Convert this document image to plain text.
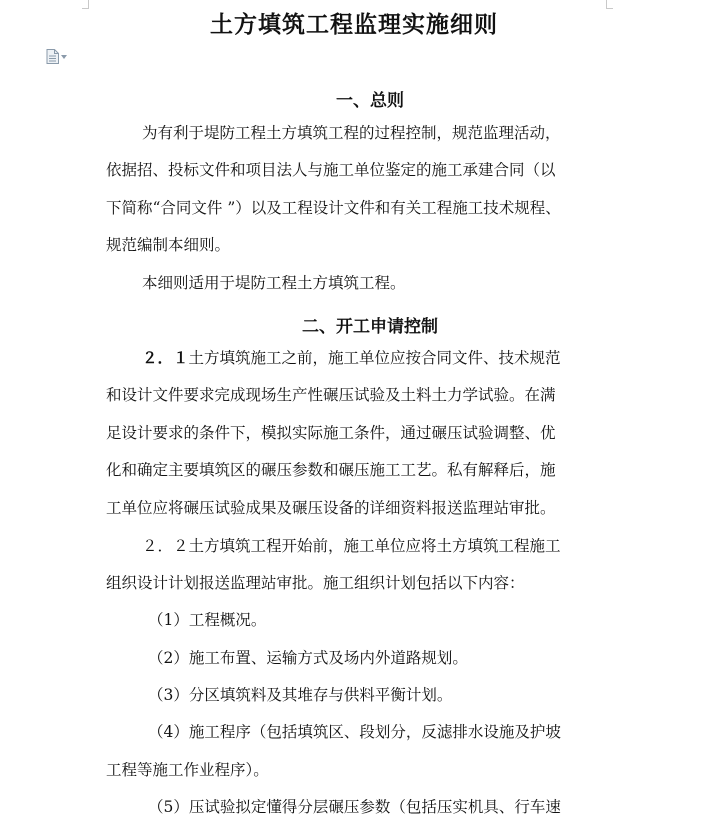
土方填筑工程监理实施细则
一、总则
为有利于堤防工程土方填筑工程的过程控制，规范监理活动，
依据招、投标文件和项目法人与施工单位鉴定的施工承建合同（以
下简称“合同文件 ”）以及工程设计文件和有关工程施工技术规程、
规范编制本细则。
本细则适用于堤防工程土方填筑工程。
二、开工申请控制
２．１土方填筑施工之前，施工单位应按合同文件、技术规范
和设计文件要求完成现场生产性碾压试验及土料土力学试验。在满
足设计要求的条件下，模拟实际施工条件，通过碾压试验调整、优
化和确定主要填筑区的碾压参数和碾压施工工艺。私有解释后，施
工单位应将碾压试验成果及碾压设备的详细资料报送监理站审批。
２．２土方填筑工程开始前，施工单位应将土方填筑工程施工
组织设计计划报送监理站审批。施工组织计划包括以下内容：
（1）工程概况。
（2）施工布置、运输方式及场内外道路规划。
（3）分区填筑料及其堆存与供料平衡计划。
（4）施工程序（包括填筑区、段划分，反滤排水设施及护坡
工程等施工作业程序）。
（5）压试验拟定懂得分层碾压参数（包括压实机具、行车速
